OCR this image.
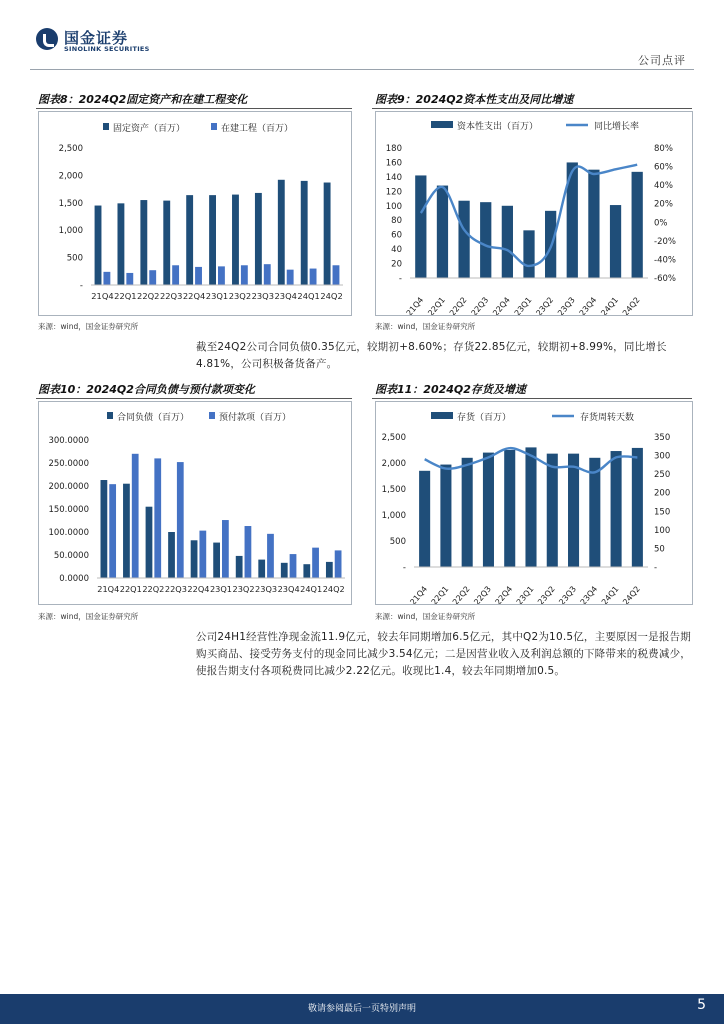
国金证券
SINOLINK SECURITIES
公司点评
图表8：2024Q2固定资产和在建工程变化	图表9：2024Q2资本性支出及同比增速
固定资产（百万）	在建工程（百万）
-
500
1,000
1,500
2,000
2,500
21Q4 22Q1 22Q2 22Q3 22Q4 23Q1 23Q2 23Q3 23Q4 24Q1 24Q2
资本性支出（百万）	同比增长率
-
20
40
60
80
100
120
140
160
180
-60%
-40%
-20%
0%
20%
40%
60%
80%
21Q4 22Q1 22Q2 22Q3 22Q4 23Q1 23Q2 23Q3 23Q4 24Q1 24Q2
来源：wind，国金证券研究所	来源：wind，国金证券研究所
截至24Q2公司合同负债0.35亿元，较期初+8.60%；存货22.85亿元，较期初+8.99%，同比增长4.81%，公司积极备货备产。
图表10：2024Q2合同负债与预付款项变化	图表11：2024Q2存货及增速
合同负债（百万）	预付款项（百万）
0.0000
50.0000
100.0000
150.0000
200.0000
250.0000
300.0000
21Q4 22Q1 22Q2 22Q3 22Q4 23Q1 23Q2 23Q3 23Q4 24Q1 24Q2
存货（百万）	存货周转天数
-
500
1,000
1,500
2,000
2,500
-
50
100
150
200
250
300
350
21Q4 22Q1 22Q2 22Q3 22Q4 23Q1 23Q2 23Q3 23Q4 24Q1 24Q2
来源：wind，国金证券研究所	来源：wind，国金证券研究所
公司24H1经营性净现金流11.9亿元，较去年同期增加6.5亿元，其中Q2为10.5亿，主要原因一是报告期购买商品、接受劳务支付的现金同比减少3.54亿元；二是因营业收入及利润总额的下降带来的税费减少，使报告期支付各项税费同比减少2.22亿元。收现比1.4，较去年同期增加0.5。
敬请参阅最后一页特别声明	5
